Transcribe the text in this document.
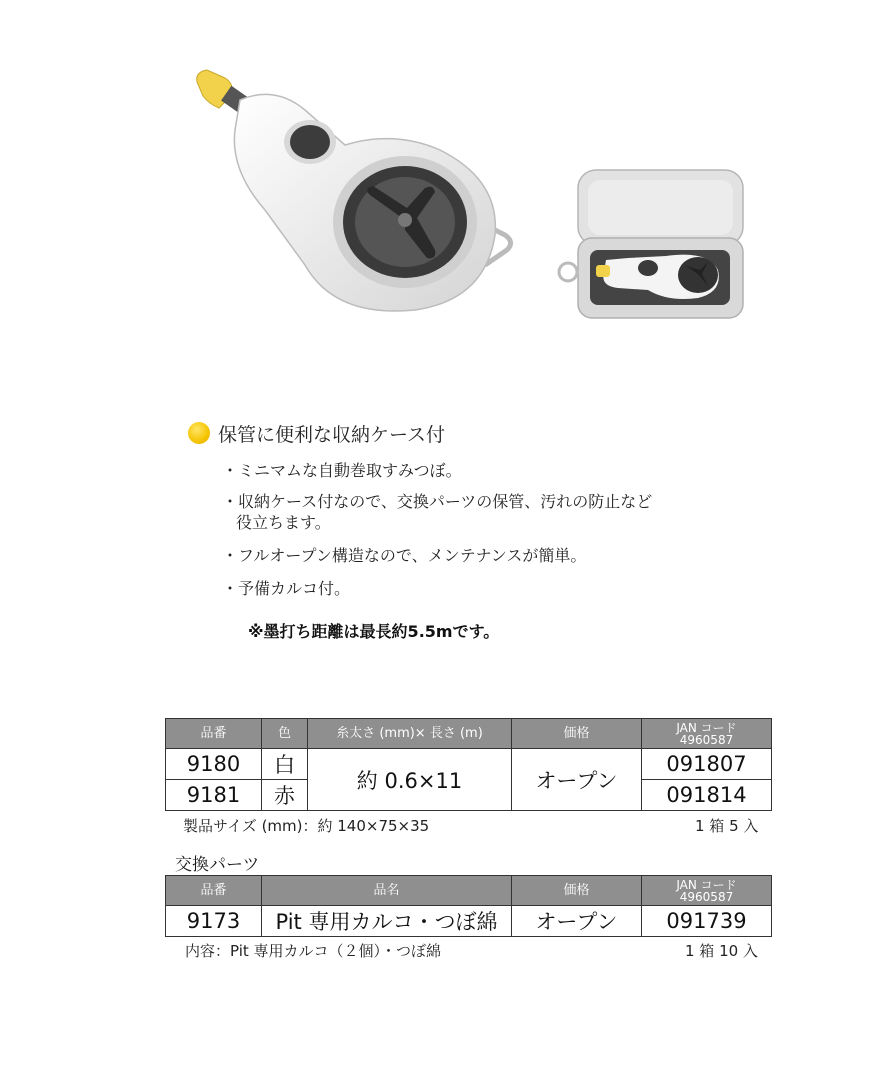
保管に便利な収納ケース付
・ミニマムな自動巻取すみつぼ。
・収納ケース付なので、交換パーツの保管、汚れの防止など
役立ちます。
・フルオープン構造なので、メンテナンスが簡単。
・予備カルコ付。
※墨打ち距離は最長約5.5mです。
品番	色	糸太さ (mm)× 長さ (m)	価格	JAN コード
4960587

9180	白	約 0.6×11	オープン	091807
9181	赤			091814
製品サイズ (mm)：約 140×75×35	1 箱 5 入
交換パーツ
品番	品名	価格	JAN コード
4960587

9173	Pit 専用カルコ・つぼ綿	オープン	091739
内容：Pit 専用カルコ（２個）・つぼ綿	1 箱 10 入
